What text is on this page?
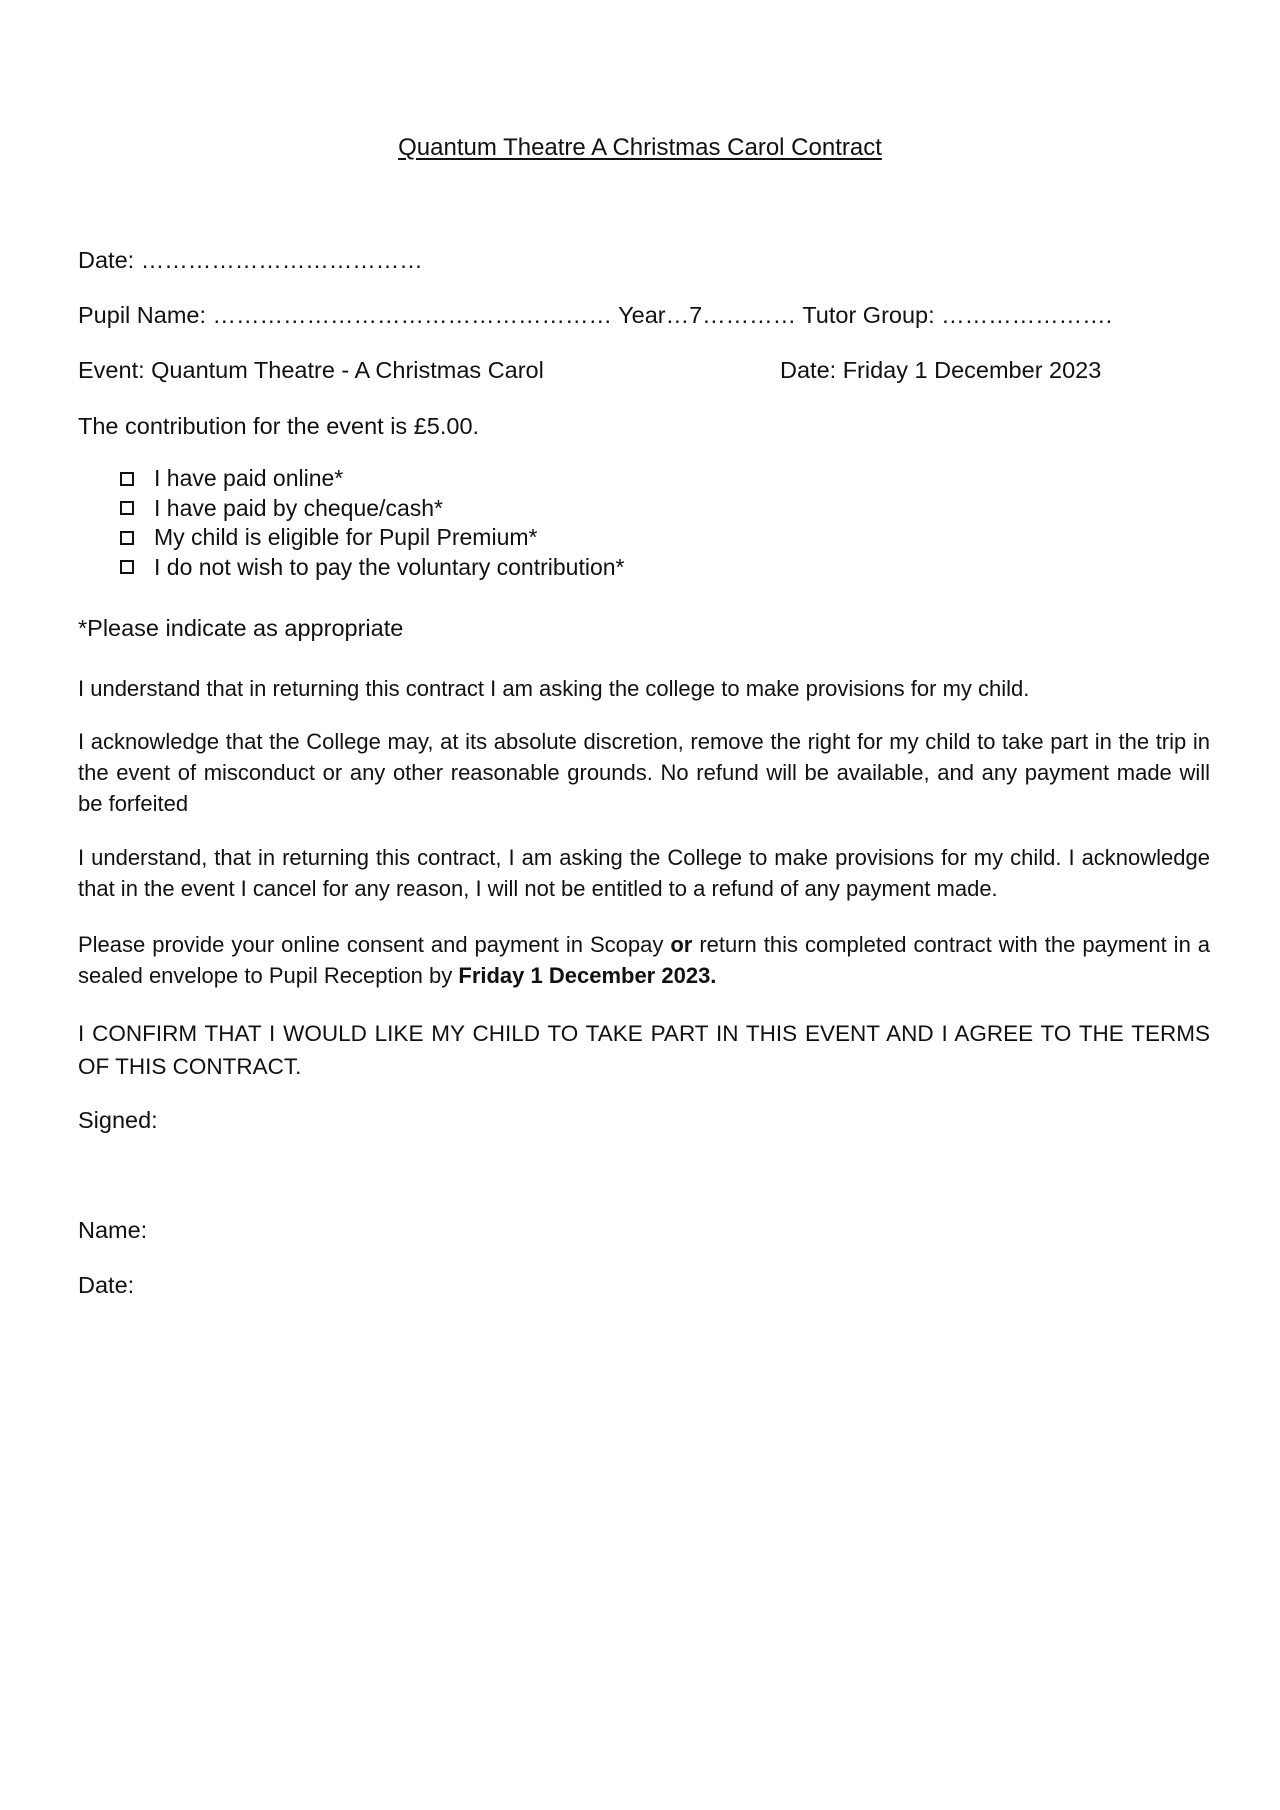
Quantum Theatre A Christmas Carol Contract
Date: ………………………………
Pupil Name: …………………………………………… Year…7………… Tutor Group: ………………….
Event: Quantum Theatre - A Christmas Carol	Date: Friday 1 December 2023
The contribution for the event is £5.00.
I have paid online*
I have paid by cheque/cash*
My child is eligible for Pupil Premium*
I do not wish to pay the voluntary contribution*
*Please indicate as appropriate
I understand that in returning this contract I am asking the college to make provisions for my child.
I acknowledge that the College may, at its absolute discretion, remove the right for my child to take part in the trip in the event of misconduct or any other reasonable grounds. No refund will be available, and any payment made will be forfeited
I understand, that in returning this contract, I am asking the College to make provisions for my child. I acknowledge that in the event I cancel for any reason, I will not be entitled to a refund of any payment made.
Please provide your online consent and payment in Scopay or return this completed contract with the payment in a sealed envelope to Pupil Reception by Friday 1 December 2023.
I CONFIRM THAT I WOULD LIKE MY CHILD TO TAKE PART IN THIS EVENT AND I AGREE TO THE TERMS OF THIS CONTRACT.
Signed:
Name:
Date:
